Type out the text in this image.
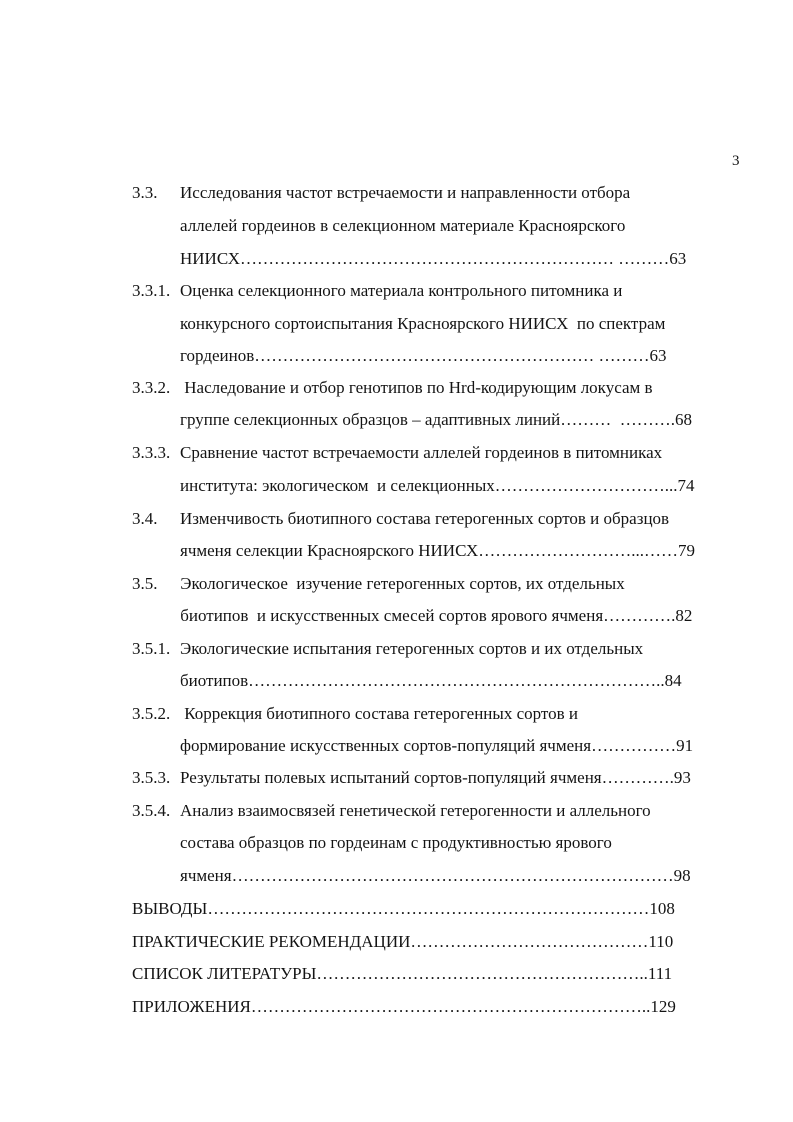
3
3.3. Исследования частот встречаемости и направленности отбора
аллелей гордеинов в селекционном материале Красноярского
НИИСХ………………………………………………………… ………63
3.3.1. Оценка селекционного материала контрольного питомника и
конкурсного сортоиспытания Красноярского НИИСХ  по спектрам
гордеинов…………………………………………………… ………63
3.3.2. Наследование и отбор генотипов по Hrd-кодирующим локусам в
группе селекционных образцов – адаптивных линий………  ……….68
3.3.3. Сравнение частот встречаемости аллелей гордеинов в питомниках
института: экологическом  и селекционных…………………………...74
3.4. Изменчивость биотипного состава гетерогенных сортов и образцов
ячменя селекции Красноярского НИИСХ………………………...……79
3.5. Экологическое  изучение гетерогенных сортов, их отдельных
биотипов  и искусственных смесей сортов ярового ячменя………….82
3.5.1. Экологические испытания гетерогенных сортов и их отдельных
биотипов………………………………………………………………..84
3.5.2. Коррекция биотипного состава гетерогенных сортов и
формирование искусственных сортов-популяций ячменя……………91
3.5.3. Результаты полевых испытаний сортов-популяций ячменя………….93
3.5.4. Анализ взаимосвязей генетической гетерогенности и аллельного
состава образцов по гордеинам с продуктивностью ярового
ячменя……………………………………………………………………98
ВЫВОДЫ……………………………………………………………………108
ПРАКТИЧЕСКИЕ РЕКОМЕНДАЦИИ……………………………………110
СПИСОК ЛИТЕРАТУРЫ…………………………………………………..111
ПРИЛОЖЕНИЯ……………………………………………………………..129
